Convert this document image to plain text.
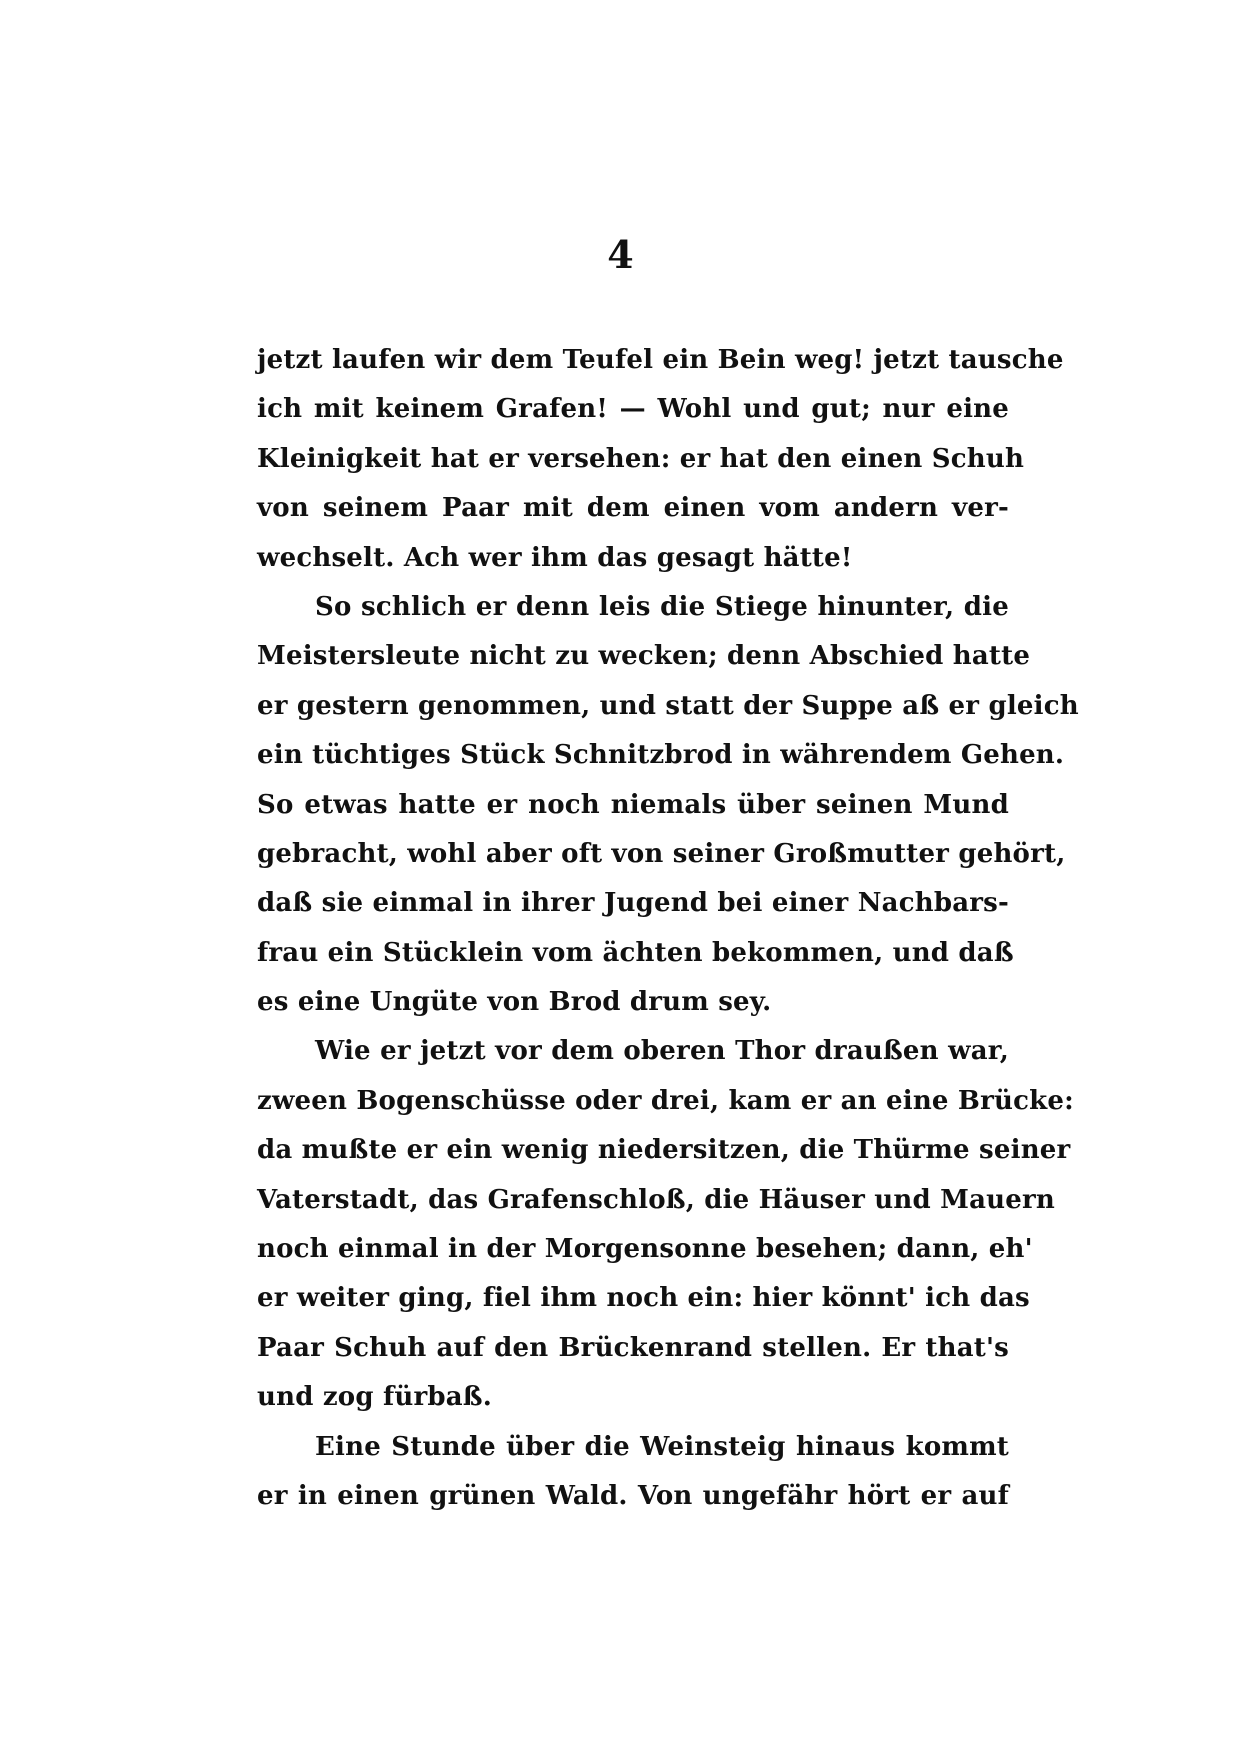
4
jetzt laufen wir dem Teufel ein Bein weg! jetzt tausche
ich mit keinem Grafen! — Wohl und gut; nur eine
Kleinigkeit hat er versehen: er hat den einen Schuh
von seinem Paar mit dem einen vom andern ver-
wechselt. Ach wer ihm das gesagt hätte!
So schlich er denn leis die Stiege hinunter, die
Meistersleute nicht zu wecken; denn Abschied hatte
er gestern genommen, und statt der Suppe aß er gleich
ein tüchtiges Stück Schnitzbrod in währendem Gehen.
So etwas hatte er noch niemals über seinen Mund
gebracht, wohl aber oft von seiner Großmutter gehört,
daß sie einmal in ihrer Jugend bei einer Nachbars-
frau ein Stücklein vom ächten bekommen, und daß
es eine Ungüte von Brod drum sey.
Wie er jetzt vor dem oberen Thor draußen war,
zween Bogenschüsse oder drei, kam er an eine Brücke:
da mußte er ein wenig niedersitzen, die Thürme seiner
Vaterstadt, das Grafenschloß, die Häuser und Mauern
noch einmal in der Morgensonne besehen; dann, eh'
er weiter ging, fiel ihm noch ein: hier könnt' ich das
Paar Schuh auf den Brückenrand stellen. Er that's
und zog fürbaß.
Eine Stunde über die Weinsteig hinaus kommt
er in einen grünen Wald. Von ungefähr hört er auf
